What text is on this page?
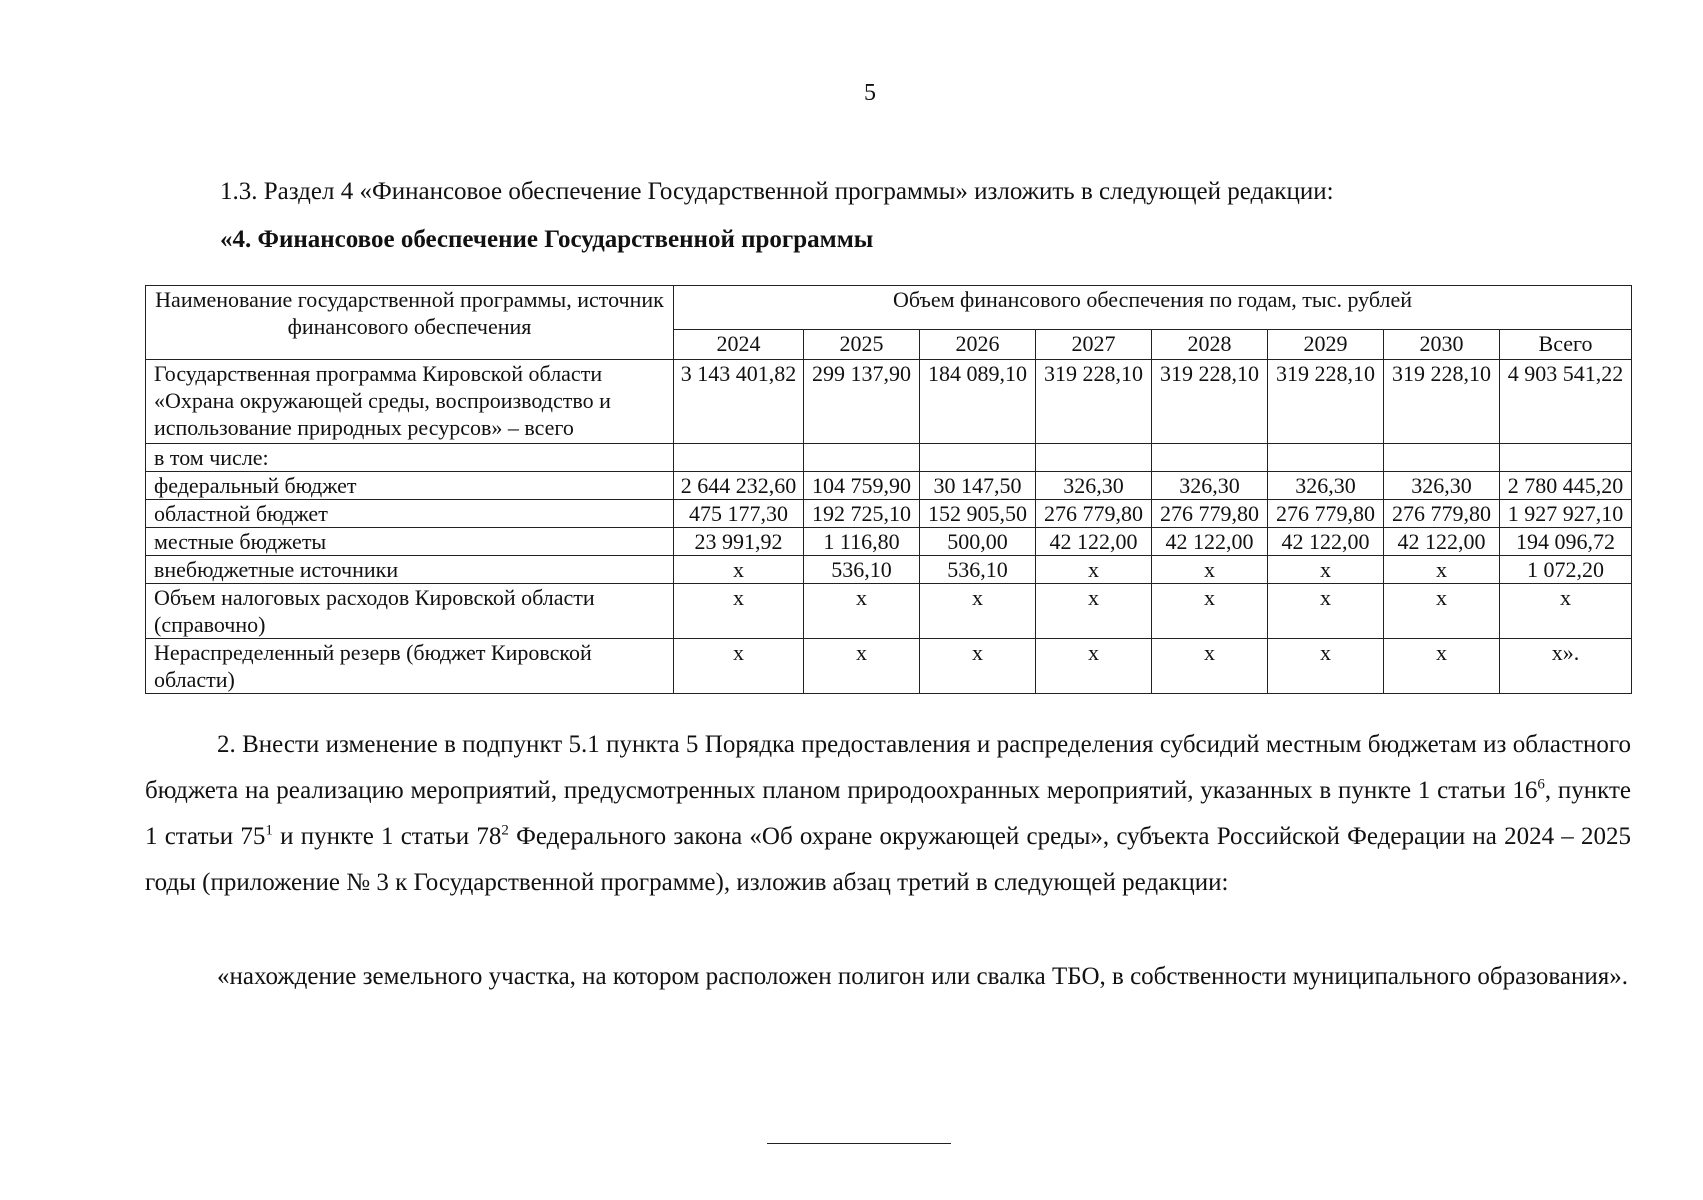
5
1.3. Раздел 4 «Финансовое обеспечение Государственной программы» изложить в следующей редакции:
«4. Финансовое обеспечение Государственной программы
Наименование государственной программы, источник финансового обеспечения	Объем финансового обеспечения по годам, тыс. рублей							
	2024	2025	2026	2027	2028	2029	2030	Всего
Государственная программа Кировской области «Охрана окружающей среды, воспроизводство и использование природных ресурсов» – всего	3 143 401,82	299 137,90	184 089,10	319 228,10	319 228,10	319 228,10	319 228,10	4 903 541,22
в том числе:								
федеральный бюджет	2 644 232,60	104 759,90	30 147,50	326,30	326,30	326,30	326,30	2 780 445,20
областной бюджет	475 177,30	192 725,10	152 905,50	276 779,80	276 779,80	276 779,80	276 779,80	1 927 927,10
местные бюджеты	23 991,92	1 116,80	500,00	42 122,00	42 122,00	42 122,00	42 122,00	194 096,72
внебюджетные источники	х	536,10	536,10	х	х	х	х	1 072,20
Объем налоговых расходов Кировской области (справочно)	х	х	х	х	х	х	х	х
Нераспределенный резерв (бюджет Кировской области)	х	х	х	х	х	х	х	х».
2. Внести изменение в подпункт 5.1 пункта 5 Порядка предоставления и распределения субсидий местным бюджетам из областного бюджета на реализацию мероприятий, предусмотренных планом природоохранных мероприятий, указанных в пункте 1 статьи $16^6$, пункте 1 статьи $75^1$ и пункте 1 статьи $78^2$ Федерального закона «Об охране окружающей среды», субъекта Российской Федерации на 2024 – 2025 годы (приложение № 3 к Государственной программе), изложив абзац третий в следующей редакции:
«нахождение земельного участка, на котором расположен полигон или свалка ТБО, в собственности муниципального образования».
